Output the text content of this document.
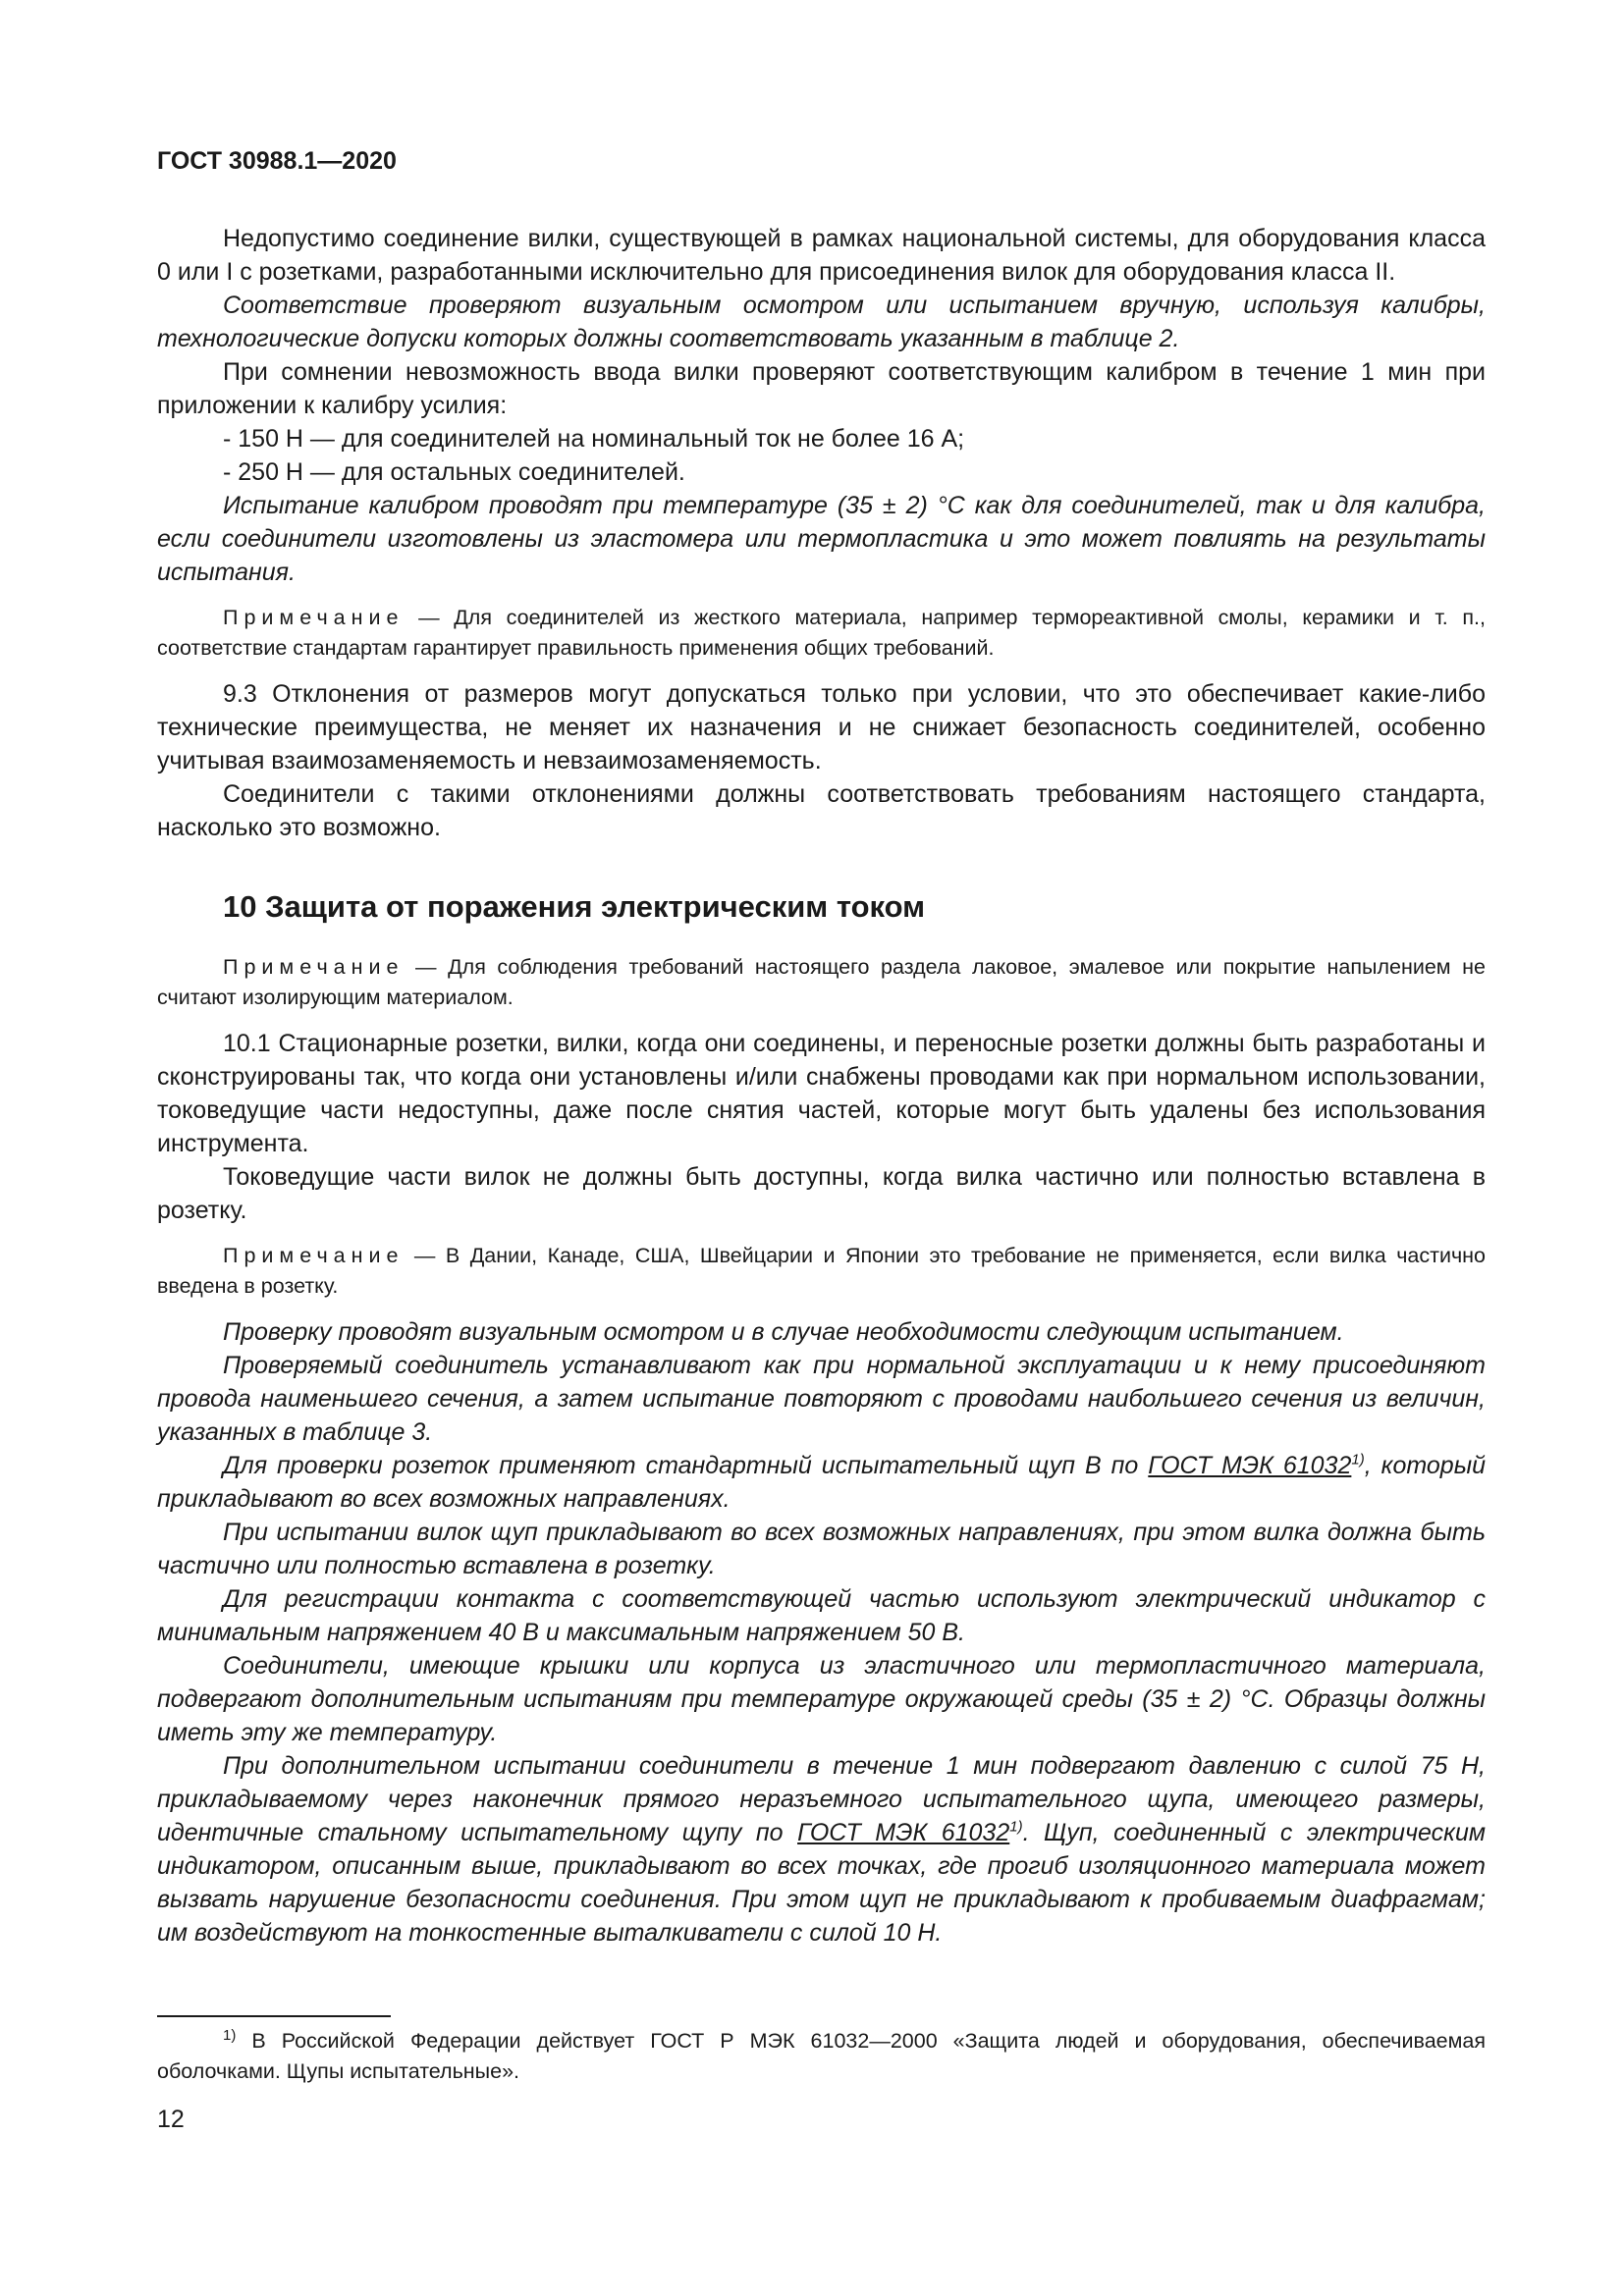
ГОСТ 30988.1—2020

Недопустимо соединение вилки, существующей в рамках национальной системы, для оборудования класса 0 или I с розетками, разработанными исключительно для присоединения вилок для оборудования класса II.

Соответствие проверяют визуальным осмотром или испытанием вручную, используя калибры, технологические допуски которых должны соответствовать указанным в таблице 2.

При сомнении невозможность ввода вилки проверяют соответствующим калибром в течение 1 мин при приложении к калибру усилия:

- 150 Н — для соединителей на номинальный ток не более 16 А;

- 250 Н — для остальных соединителей.

Испытание калибром проводят при температуре (35 ± 2) °С как для соединителей, так и для калибра, если соединители изготовлены из эластомера или термопластика и это может повлиять на результаты испытания.

Примечание — Для соединителей из жесткого материала, например термореактивной смолы, керамики и т. п., соответствие стандартам гарантирует правильность применения общих требований.

9.3 Отклонения от размеров могут допускаться только при условии, что это обеспечивает какие-либо технические преимущества, не меняет их назначения и не снижает безопасность соединителей, особенно учитывая взаимозаменяемость и невзаимозаменяемость.

Соединители с такими отклонениями должны соответствовать требованиям настоящего стандарта, насколько это возможно.

10 Защита от поражения электрическим током

Примечание — Для соблюдения требований настоящего раздела лаковое, эмалевое или покрытие напылением не считают изолирующим материалом.

10.1 Стационарные розетки, вилки, когда они соединены, и переносные розетки должны быть разработаны и сконструированы так, что когда они установлены и/или снабжены проводами как при нормальном использовании, токоведущие части недоступны, даже после снятия частей, которые могут быть удалены без использования инструмента.

Токоведущие части вилок не должны быть доступны, когда вилка частично или полностью вставлена в розетку.

Примечание — В Дании, Канаде, США, Швейцарии и Японии это требование не применяется, если вилка частично введена в розетку.

Проверку проводят визуальным осмотром и в случае необходимости следующим испытанием.

Проверяемый соединитель устанавливают как при нормальной эксплуатации и к нему присоединяют провода наименьшего сечения, а затем испытание повторяют с проводами наибольшего сечения из величин, указанных в таблице 3.

Для проверки розеток применяют стандартный испытательный щуп В по ГОСТ МЭК 61032$^{1)}$, который прикладывают во всех возможных направлениях.

При испытании вилок щуп прикладывают во всех возможных направлениях, при этом вилка должна быть частично или полностью вставлена в розетку.

Для регистрации контакта с соответствующей частью используют электрический индикатор с минимальным напряжением 40 В и максимальным напряжением 50 В.

Соединители, имеющие крышки или корпуса из эластичного или термопластичного материала, подвергают дополнительным испытаниям при температуре окружающей среды (35 ± 2) °С. Образцы должны иметь эту же температуру.

При дополнительном испытании соединители в течение 1 мин подвергают давлению с силой 75 Н, прикладываемому через наконечник прямого неразъемного испытательного щупа, имеющего размеры, идентичные стальному испытательному щупу по ГОСТ МЭК 61032$^{1)}$. Щуп, соединенный с электрическим индикатором, описанным выше, прикладывают во всех точках, где прогиб изоляционного материала может вызвать нарушение безопасности соединения. При этом щуп не прикладывают к пробиваемым диафрагмам; им воздействуют на тонкостенные выталкиватели с силой 10 Н.

$^{1)}$ В Российской Федерации действует ГОСТ Р МЭК 61032—2000 «Защита людей и оборудования, обеспечиваемая оболочками. Щупы испытательные».
12
